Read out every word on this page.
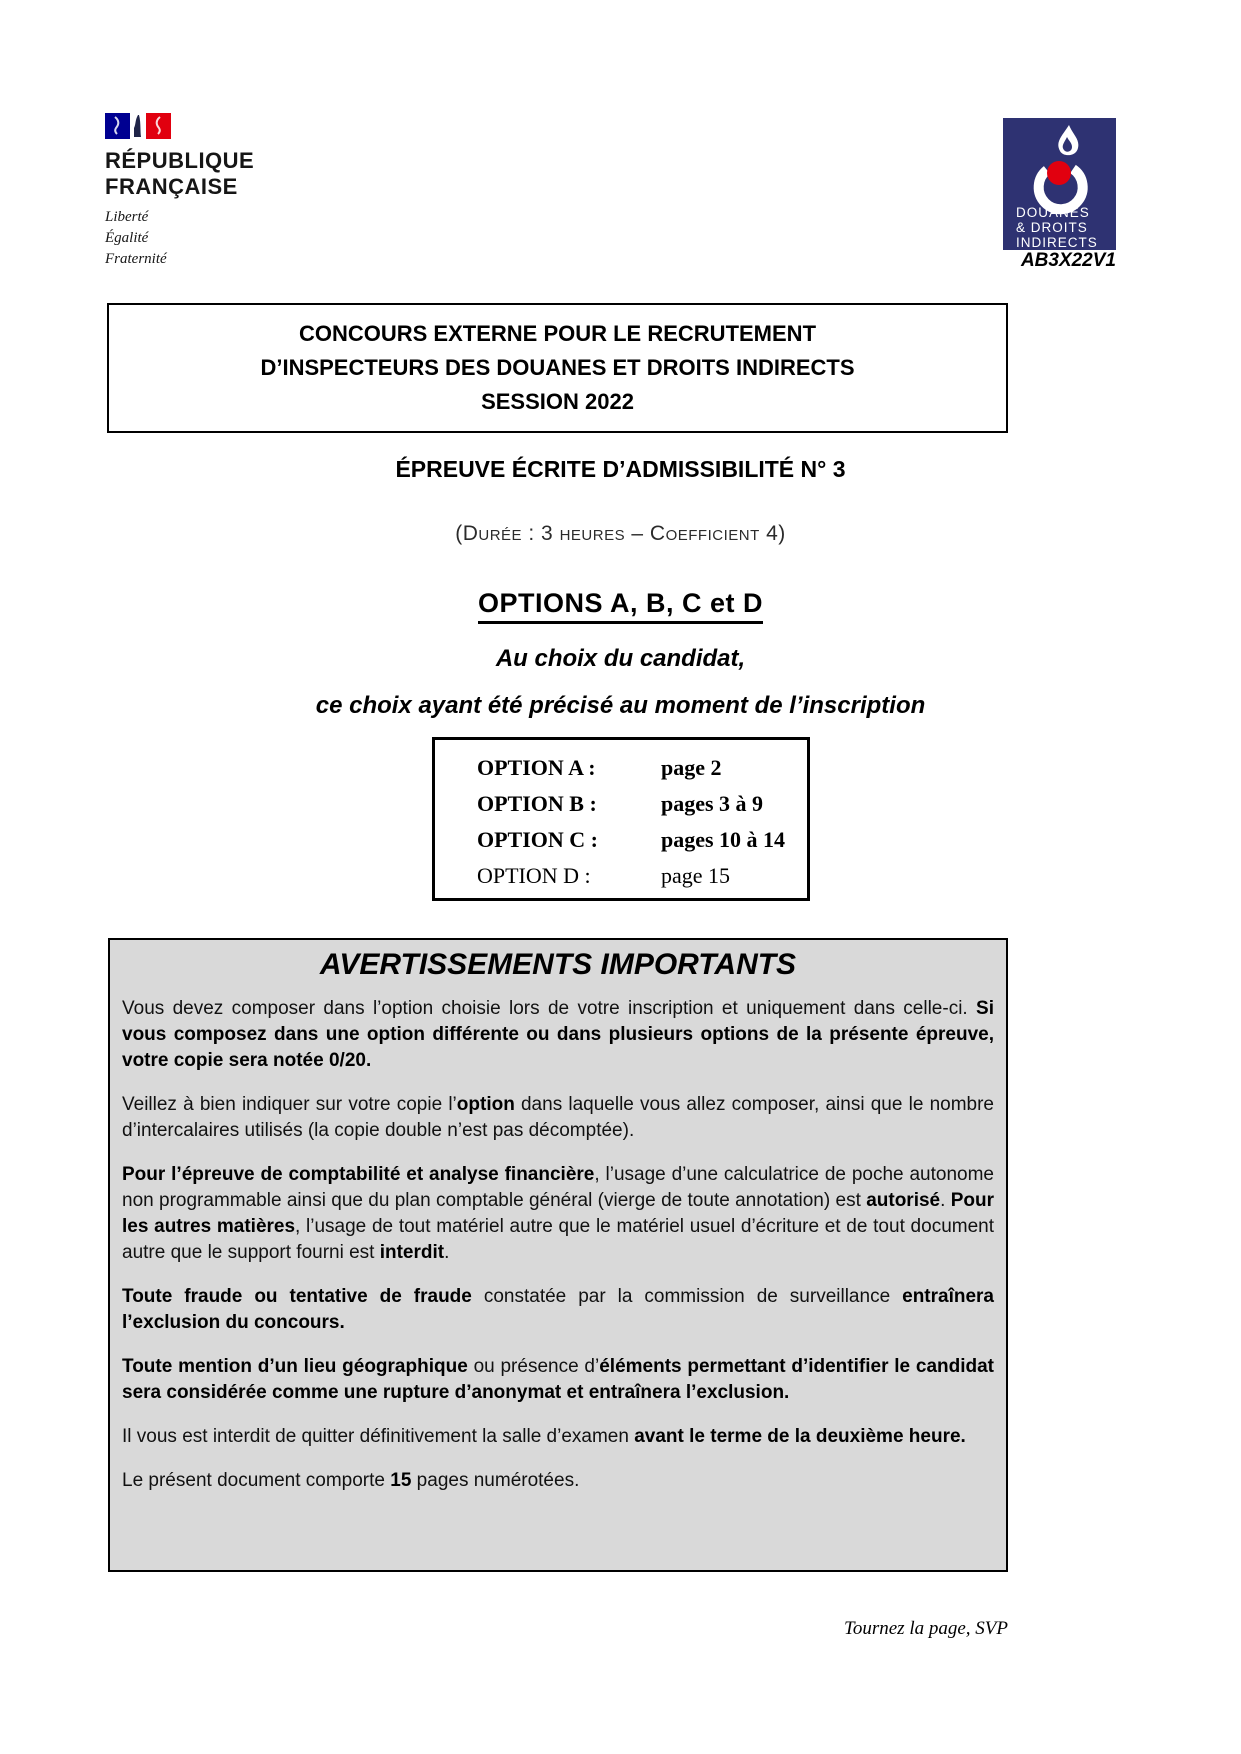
RÉPUBLIQUE
FRANÇAISE
Liberté
Égalité
Fraternité
DOUANES
& DROITS
INDIRECTS
AB3X22V1
CONCOURS EXTERNE POUR LE RECRUTEMENT
D’INSPECTEURS DES DOUANES ET DROITS INDIRECTS
SESSION 2022
ÉPREUVE ÉCRITE D’ADMISSIBILITÉ N° 3
(Durée : 3 heures – Coefficient 4)
OPTIONS A, B, C et D
Au choix du candidat,
ce choix ayant été précisé au moment de l’inscription
OPTION A :	page 2
OPTION B :	pages 3 à 9
OPTION C :	pages 10 à 14
OPTION D :	page 15
AVERTISSEMENTS IMPORTANTS

Vous devez composer dans l’option choisie lors de votre inscription et uniquement dans celle-ci. Si vous composez dans une option différente ou dans plusieurs options de la présente épreuve, votre copie sera notée 0/20.

Veillez à bien indiquer sur votre copie l’option dans laquelle vous allez composer, ainsi que le nombre d’intercalaires utilisés (la copie double n’est pas décomptée).

Pour l’épreuve de comptabilité et analyse financière, l’usage d’une calculatrice de poche autonome non programmable ainsi que du plan comptable général (vierge de toute annotation) est autorisé. Pour les autres matières, l’usage de tout matériel autre que le matériel usuel d’écriture et de tout document autre que le support fourni est interdit.

Toute fraude ou tentative de fraude constatée par la commission de surveillance entraînera l’exclusion du concours.

Toute mention d’un lieu géographique ou présence d’éléments permettant d’identifier le candidat sera considérée comme une rupture d’anonymat et entraînera l’exclusion.

Il vous est interdit de quitter définitivement la salle d’examen avant le terme de la deuxième heure.

Le présent document comporte 15 pages numérotées.

Tournez la page, SVP
